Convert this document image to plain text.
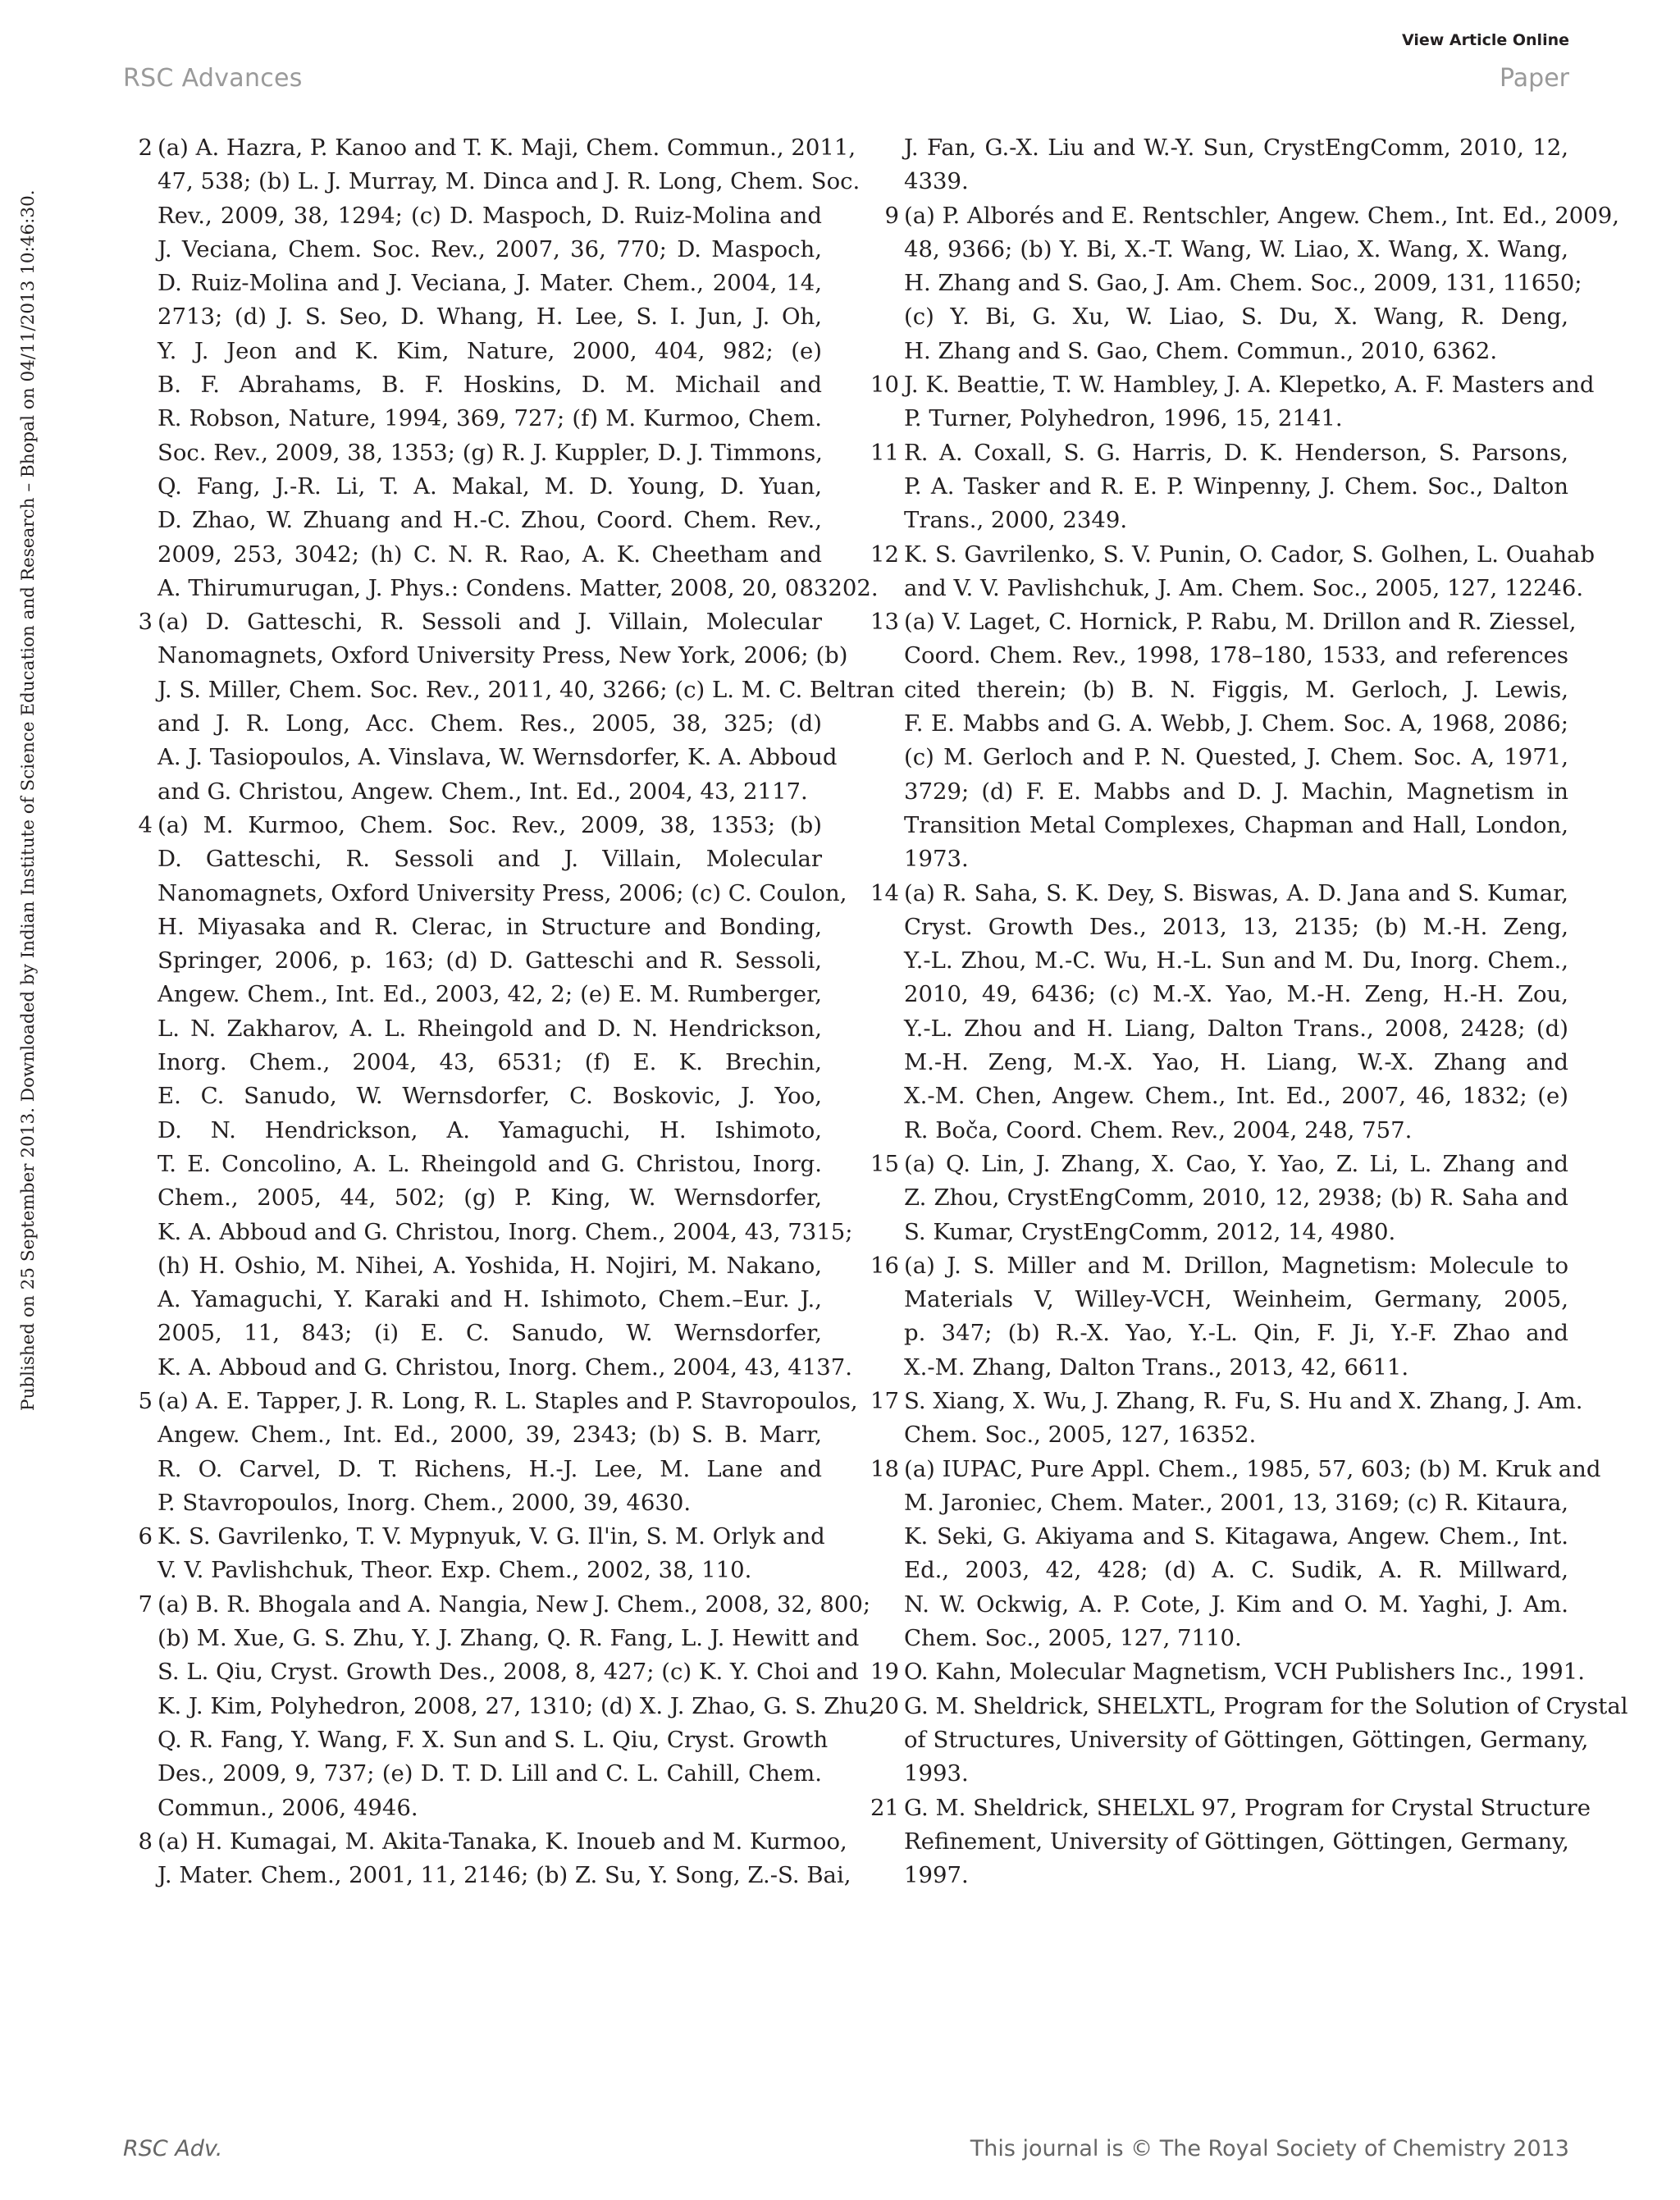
RSC Advances
View Article Online
Paper
Published on 25 September 2013. Downloaded by Indian Institute of Science Education and Research – Bhopal on 04/11/2013 10:46:30.
2 (a) A. Hazra, P. Kanoo and T. K. Maji, Chem. Commun., 2011,
47, 538; (b) L. J. Murray, M. Dinca and J. R. Long, Chem. Soc.
Rev., 2009, 38, 1294; (c) D. Maspoch, D. Ruiz-Molina and
J. Veciana, Chem. Soc. Rev., 2007, 36, 770; D. Maspoch,
D. Ruiz-Molina and J. Veciana, J. Mater. Chem., 2004, 14,
2713; (d) J. S. Seo, D. Whang, H. Lee, S. I. Jun, J. Oh,
Y. J. Jeon and K. Kim, Nature, 2000, 404, 982; (e)
B. F. Abrahams, B. F. Hoskins, D. M. Michail and
R. Robson, Nature, 1994, 369, 727; (f) M. Kurmoo, Chem.
Soc. Rev., 2009, 38, 1353; (g) R. J. Kuppler, D. J. Timmons,
Q. Fang, J.-R. Li, T. A. Makal, M. D. Young, D. Yuan,
D. Zhao, W. Zhuang and H.-C. Zhou, Coord. Chem. Rev.,
2009, 253, 3042; (h) C. N. R. Rao, A. K. Cheetham and
A. Thirumurugan, J. Phys.: Condens. Matter, 2008, 20, 083202.
3 (a) D. Gatteschi, R. Sessoli and J. Villain, Molecular
Nanomagnets, Oxford University Press, New York, 2006; (b)
J. S. Miller, Chem. Soc. Rev., 2011, 40, 3266; (c) L. M. C. Beltran
and J. R. Long, Acc. Chem. Res., 2005, 38, 325; (d)
A. J. Tasiopoulos, A. Vinslava, W. Wernsdorfer, K. A. Abboud
and G. Christou, Angew. Chem., Int. Ed., 2004, 43, 2117.
4 (a) M. Kurmoo, Chem. Soc. Rev., 2009, 38, 1353; (b)
D. Gatteschi, R. Sessoli and J. Villain, Molecular
Nanomagnets, Oxford University Press, 2006; (c) C. Coulon,
H. Miyasaka and R. Clerac, in Structure and Bonding,
Springer, 2006, p. 163; (d) D. Gatteschi and R. Sessoli,
Angew. Chem., Int. Ed., 2003, 42, 2; (e) E. M. Rumberger,
L. N. Zakharov, A. L. Rheingold and D. N. Hendrickson,
Inorg. Chem., 2004, 43, 6531; (f) E. K. Brechin,
E. C. Sanudo, W. Wernsdorfer, C. Boskovic, J. Yoo,
D. N. Hendrickson, A. Yamaguchi, H. Ishimoto,
T. E. Concolino, A. L. Rheingold and G. Christou, Inorg.
Chem., 2005, 44, 502; (g) P. King, W. Wernsdorfer,
K. A. Abboud and G. Christou, Inorg. Chem., 2004, 43, 7315;
(h) H. Oshio, M. Nihei, A. Yoshida, H. Nojiri, M. Nakano,
A. Yamaguchi, Y. Karaki and H. Ishimoto, Chem.–Eur. J.,
2005, 11, 843; (i) E. C. Sanudo, W. Wernsdorfer,
K. A. Abboud and G. Christou, Inorg. Chem., 2004, 43, 4137.
5 (a) A. E. Tapper, J. R. Long, R. L. Staples and P. Stavropoulos,
Angew. Chem., Int. Ed., 2000, 39, 2343; (b) S. B. Marr,
R. O. Carvel, D. T. Richens, H.-J. Lee, M. Lane and
P. Stavropoulos, Inorg. Chem., 2000, 39, 4630.
6 K. S. Gavrilenko, T. V. Mypnyuk, V. G. Il'in, S. M. Orlyk and
V. V. Pavlishchuk, Theor. Exp. Chem., 2002, 38, 110.
7 (a) B. R. Bhogala and A. Nangia, New J. Chem., 2008, 32, 800;
(b) M. Xue, G. S. Zhu, Y. J. Zhang, Q. R. Fang, L. J. Hewitt and
S. L. Qiu, Cryst. Growth Des., 2008, 8, 427; (c) K. Y. Choi and
K. J. Kim, Polyhedron, 2008, 27, 1310; (d) X. J. Zhao, G. S. Zhu,
Q. R. Fang, Y. Wang, F. X. Sun and S. L. Qiu, Cryst. Growth
Des., 2009, 9, 737; (e) D. T. D. Lill and C. L. Cahill, Chem.
Commun., 2006, 4946.
8 (a) H. Kumagai, M. Akita-Tanaka, K. Inoueb and M. Kurmoo,
J. Mater. Chem., 2001, 11, 2146; (b) Z. Su, Y. Song, Z.-S. Bai,
J. Fan, G.-X. Liu and W.-Y. Sun, CrystEngComm, 2010, 12,
4339.
9 (a) P. Alborés and E. Rentschler, Angew. Chem., Int. Ed., 2009,
48, 9366; (b) Y. Bi, X.-T. Wang, W. Liao, X. Wang, X. Wang,
H. Zhang and S. Gao, J. Am. Chem. Soc., 2009, 131, 11650;
(c) Y. Bi, G. Xu, W. Liao, S. Du, X. Wang, R. Deng,
H. Zhang and S. Gao, Chem. Commun., 2010, 6362.
10 J. K. Beattie, T. W. Hambley, J. A. Klepetko, A. F. Masters and
P. Turner, Polyhedron, 1996, 15, 2141.
11 R. A. Coxall, S. G. Harris, D. K. Henderson, S. Parsons,
P. A. Tasker and R. E. P. Winpenny, J. Chem. Soc., Dalton
Trans., 2000, 2349.
12 K. S. Gavrilenko, S. V. Punin, O. Cador, S. Golhen, L. Ouahab
and V. V. Pavlishchuk, J. Am. Chem. Soc., 2005, 127, 12246.
13 (a) V. Laget, C. Hornick, P. Rabu, M. Drillon and R. Ziessel,
Coord. Chem. Rev., 1998, 178–180, 1533, and references
cited therein; (b) B. N. Figgis, M. Gerloch, J. Lewis,
F. E. Mabbs and G. A. Webb, J. Chem. Soc. A, 1968, 2086;
(c) M. Gerloch and P. N. Quested, J. Chem. Soc. A, 1971,
3729; (d) F. E. Mabbs and D. J. Machin, Magnetism in
Transition Metal Complexes, Chapman and Hall, London,
1973.
14 (a) R. Saha, S. K. Dey, S. Biswas, A. D. Jana and S. Kumar,
Cryst. Growth Des., 2013, 13, 2135; (b) M.-H. Zeng,
Y.-L. Zhou, M.-C. Wu, H.-L. Sun and M. Du, Inorg. Chem.,
2010, 49, 6436; (c) M.-X. Yao, M.-H. Zeng, H.-H. Zou,
Y.-L. Zhou and H. Liang, Dalton Trans., 2008, 2428; (d)
M.-H. Zeng, M.-X. Yao, H. Liang, W.-X. Zhang and
X.-M. Chen, Angew. Chem., Int. Ed., 2007, 46, 1832; (e)
R. Boča, Coord. Chem. Rev., 2004, 248, 757.
15 (a) Q. Lin, J. Zhang, X. Cao, Y. Yao, Z. Li, L. Zhang and
Z. Zhou, CrystEngComm, 2010, 12, 2938; (b) R. Saha and
S. Kumar, CrystEngComm, 2012, 14, 4980.
16 (a) J. S. Miller and M. Drillon, Magnetism: Molecule to
Materials V, Willey-VCH, Weinheim, Germany, 2005,
p. 347; (b) R.-X. Yao, Y.-L. Qin, F. Ji, Y.-F. Zhao and
X.-M. Zhang, Dalton Trans., 2013, 42, 6611.
17 S. Xiang, X. Wu, J. Zhang, R. Fu, S. Hu and X. Zhang, J. Am.
Chem. Soc., 2005, 127, 16352.
18 (a) IUPAC, Pure Appl. Chem., 1985, 57, 603; (b) M. Kruk and
M. Jaroniec, Chem. Mater., 2001, 13, 3169; (c) R. Kitaura,
K. Seki, G. Akiyama and S. Kitagawa, Angew. Chem., Int.
Ed., 2003, 42, 428; (d) A. C. Sudik, A. R. Millward,
N. W. Ockwig, A. P. Cote, J. Kim and O. M. Yaghi, J. Am.
Chem. Soc., 2005, 127, 7110.
19 O. Kahn, Molecular Magnetism, VCH Publishers Inc., 1991.
20 G. M. Sheldrick, SHELXTL, Program for the Solution of Crystal
of Structures, University of Göttingen, Göttingen, Germany,
1993.
21 G. M. Sheldrick, SHELXL 97, Program for Crystal Structure
Refinement, University of Göttingen, Göttingen, Germany,
1997.
RSC Adv.	This journal is © The Royal Society of Chemistry 2013
